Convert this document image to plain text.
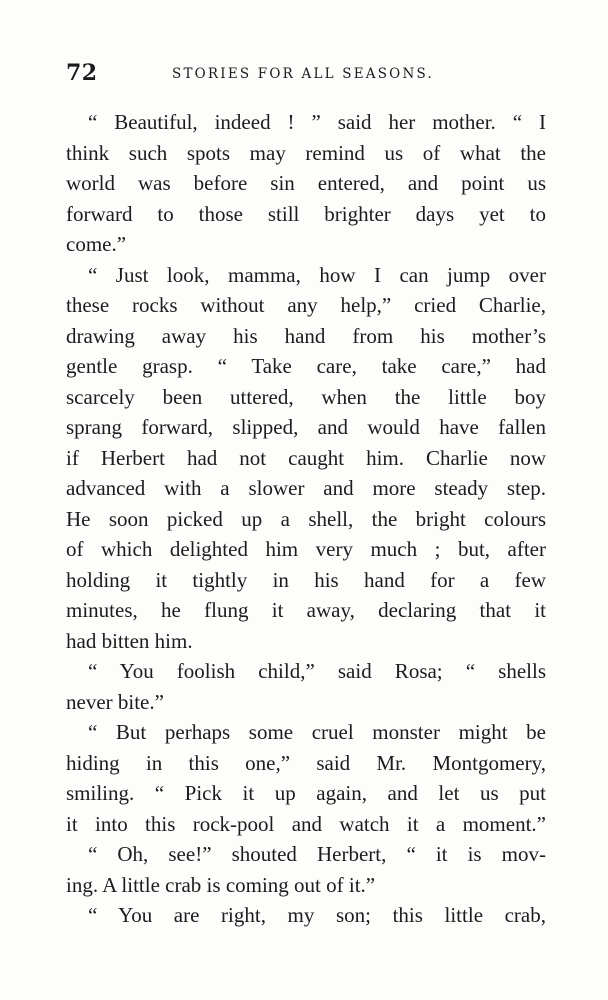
72	STORIES FOR ALL SEASONS.
“ Beautiful, indeed ! ” said her mother. “ I
think such spots may remind us of what the
world was before sin entered, and point us
forward to those still brighter days yet to
come.”
“ Just look, mamma, how I can jump over
these rocks without any help,” cried Charlie,
drawing away his hand from his mother’s
gentle grasp. “ Take care, take care,” had
scarcely been uttered, when the little boy
sprang forward, slipped, and would have fallen
if Herbert had not caught him. Charlie now
advanced with a slower and more steady step.
He soon picked up a shell, the bright colours
of which delighted him very much ; but, after
holding it tightly in his hand for a few
minutes, he flung it away, declaring that it
had bitten him.
“ You foolish child,” said Rosa; “ shells
never bite.”
“ But perhaps some cruel monster might be
hiding in this one,” said Mr. Montgomery,
smiling. “ Pick it up again, and let us put
it into this rock-pool and watch it a moment.”
“ Oh, see!” shouted Herbert, “ it is mov-
ing. A little crab is coming out of it.”
“ You are right, my son; this little crab,
